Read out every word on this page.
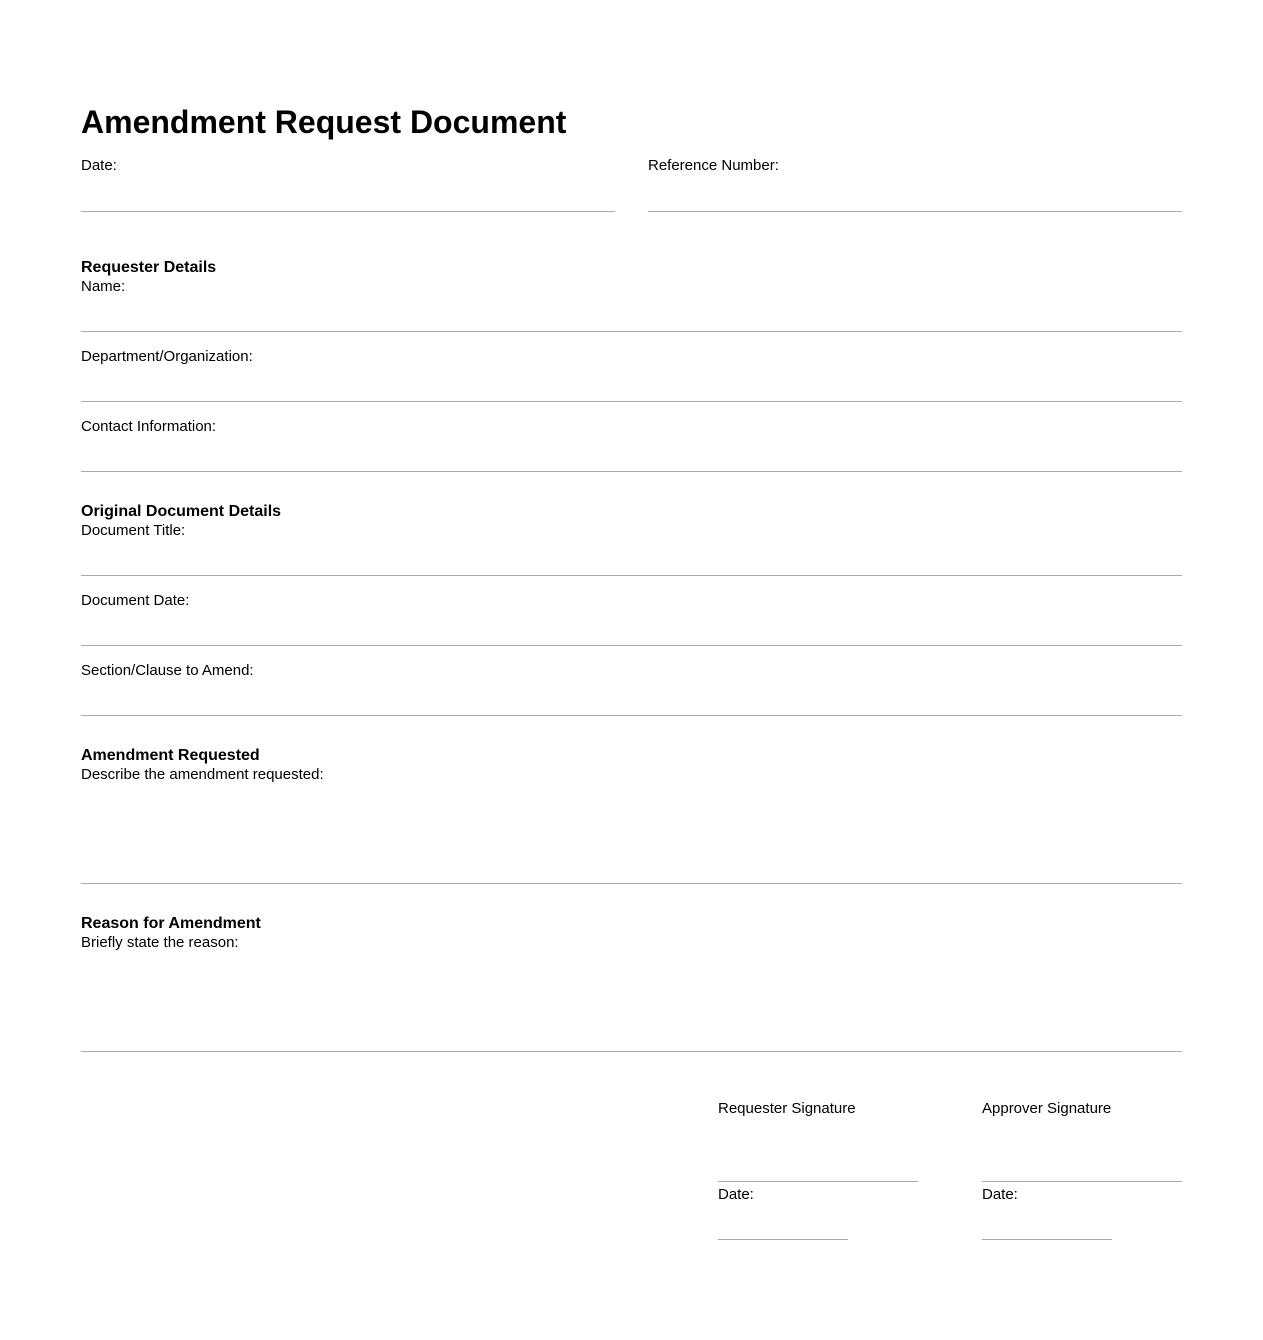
Amendment Request Document
Date:	Reference Number:
Requester Details
Name:
Department/Organization:
Contact Information:
Original Document Details
Document Title:
Document Date:
Section/Clause to Amend:
Amendment Requested
Describe the amendment requested:
Reason for Amendment
Briefly state the reason:
Requester Signature
Date:
Approver Signature
Date:
